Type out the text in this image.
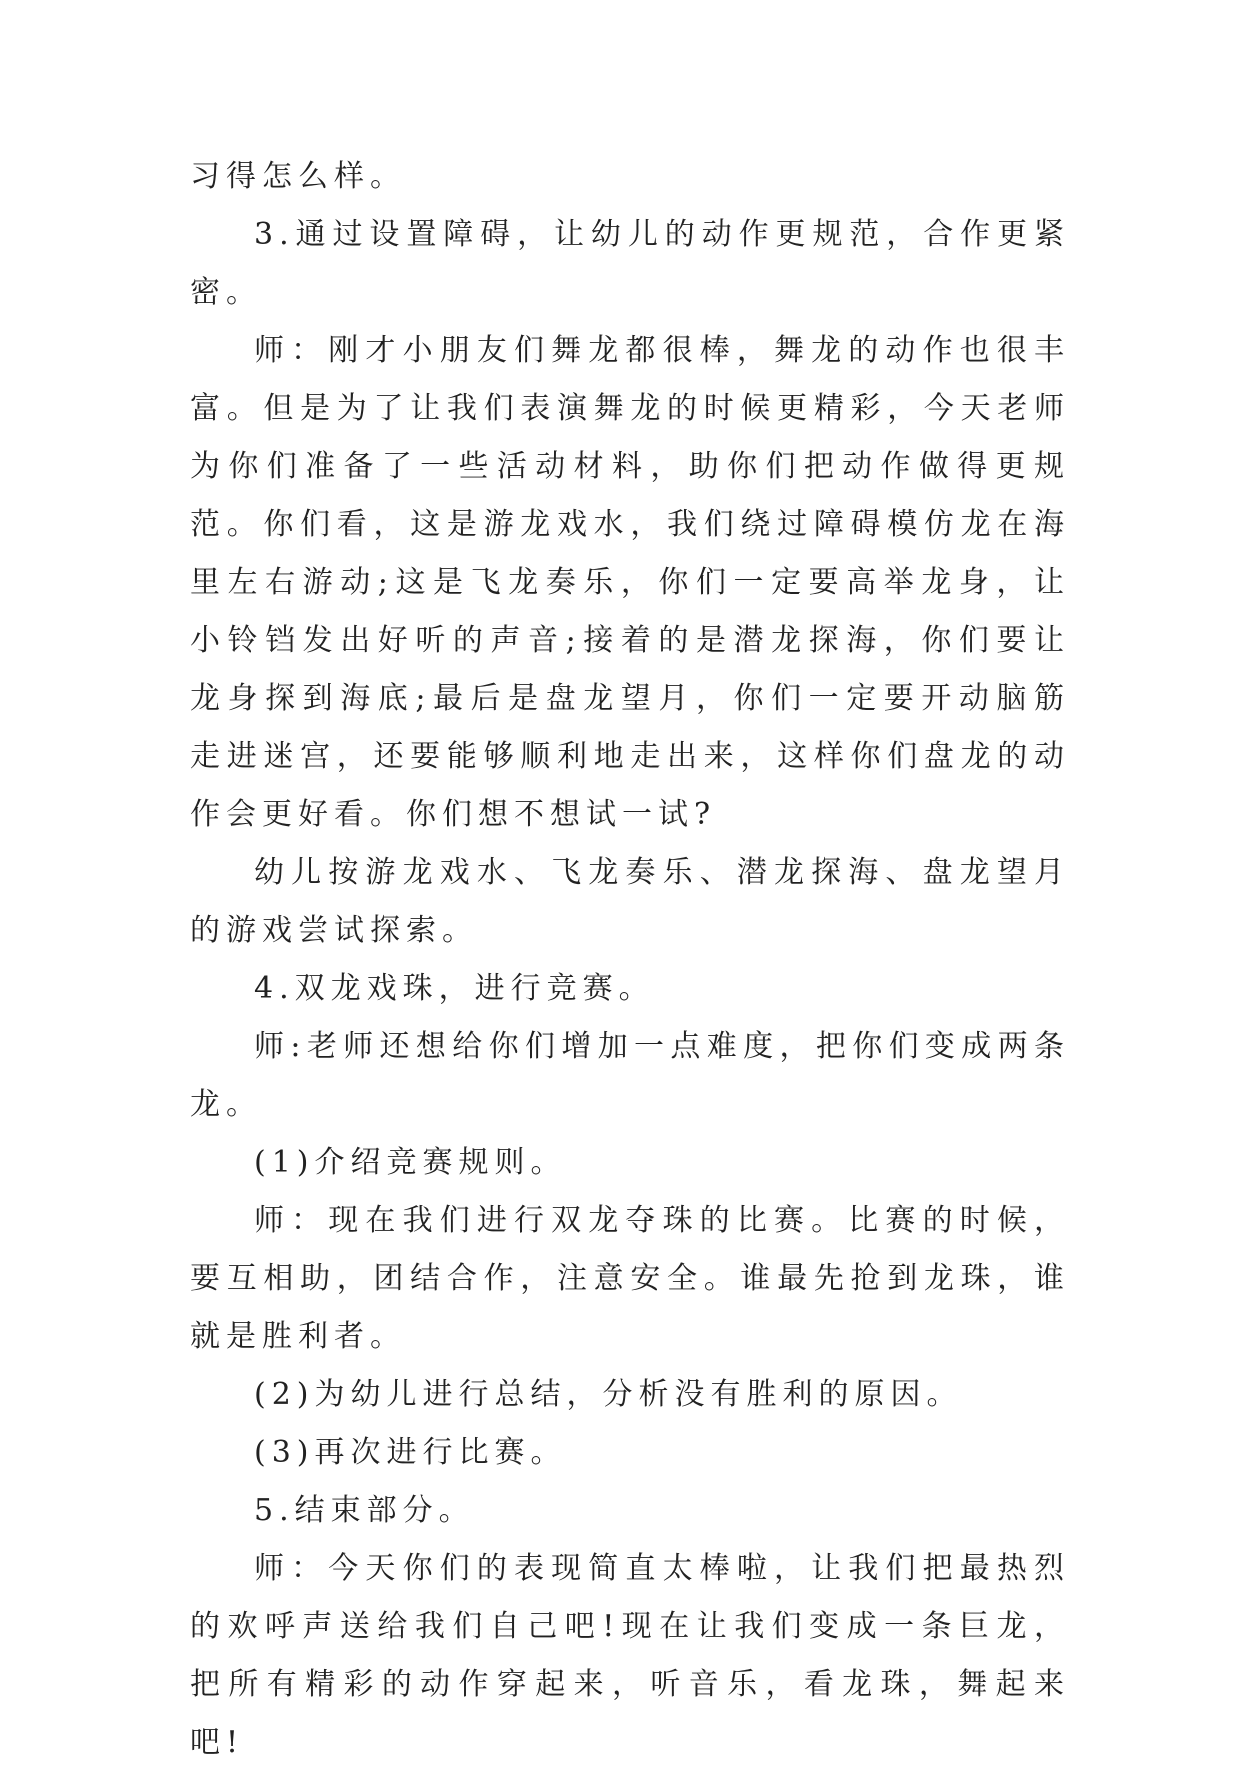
习得怎么样。

3.通过设置障碍，让幼儿的动作更规范，合作更紧密。

师：刚才小朋友们舞龙都很棒，舞龙的动作也很丰富。但是为了让我们表演舞龙的时候更精彩，今天老师为你们准备了一些活动材料，助你们把动作做得更规范。你们看，这是游龙戏水，我们绕过障碍模仿龙在海里左右游动;这是飞龙奏乐，你们一定要高举龙身，让小铃铛发出好听的声音;接着的是潜龙探海，你们要让龙身探到海底;最后是盘龙望月，你们一定要开动脑筋走进迷宫，还要能够顺利地走出来，这样你们盘龙的动作会更好看。你们想不想试一试?

幼儿按游龙戏水、飞龙奏乐、潜龙探海、盘龙望月的游戏尝试探索。

4.双龙戏珠，进行竞赛。

师:老师还想给你们增加一点难度，把你们变成两条龙。

(1)介绍竞赛规则。

师：现在我们进行双龙夺珠的比赛。比赛的时候，要互相助，团结合作，注意安全。谁最先抢到龙珠，谁就是胜利者。

(2)为幼儿进行总结，分析没有胜利的原因。

(3)再次进行比赛。

5.结束部分。

师：今天你们的表现简直太棒啦，让我们把最热烈的欢呼声送给我们自己吧!现在让我们变成一条巨龙，把所有精彩的动作穿起来，听音乐，看龙珠，舞起来吧!
